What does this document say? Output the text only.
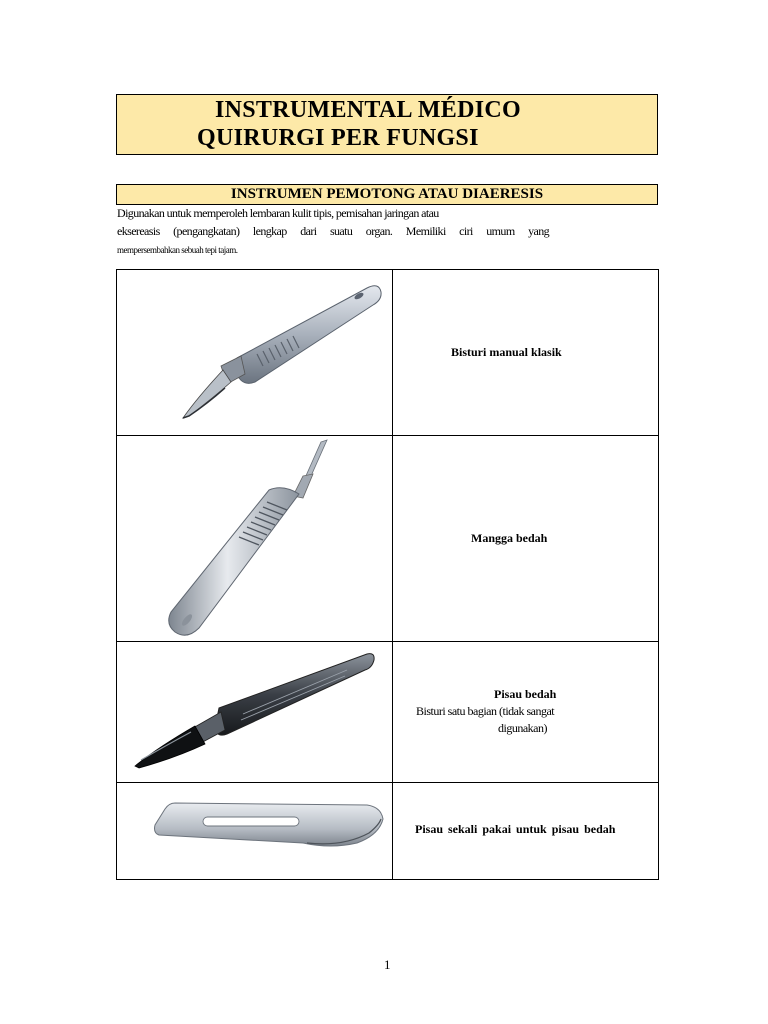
INSTRUMENTAL MÉDICO
QUIRURGI PER FUNGSI
INSTRUMEN PEMOTONG ATAU DIAERESIS
Digunakan untuk memperoleh lembaran kulit tipis, pemisahan jaringan atau
eksereasis (pengangkatan) lengkap dari suatu organ. Memiliki ciri umum yang
mempersembahkan sebuah tepi tajam.
Bisturi manual klasik
Mangga bedah
Pisau bedah
Bisturi satu bagian (tidak sangat
digunakan)
Pisau sekali pakai untuk pisau bedah
1
